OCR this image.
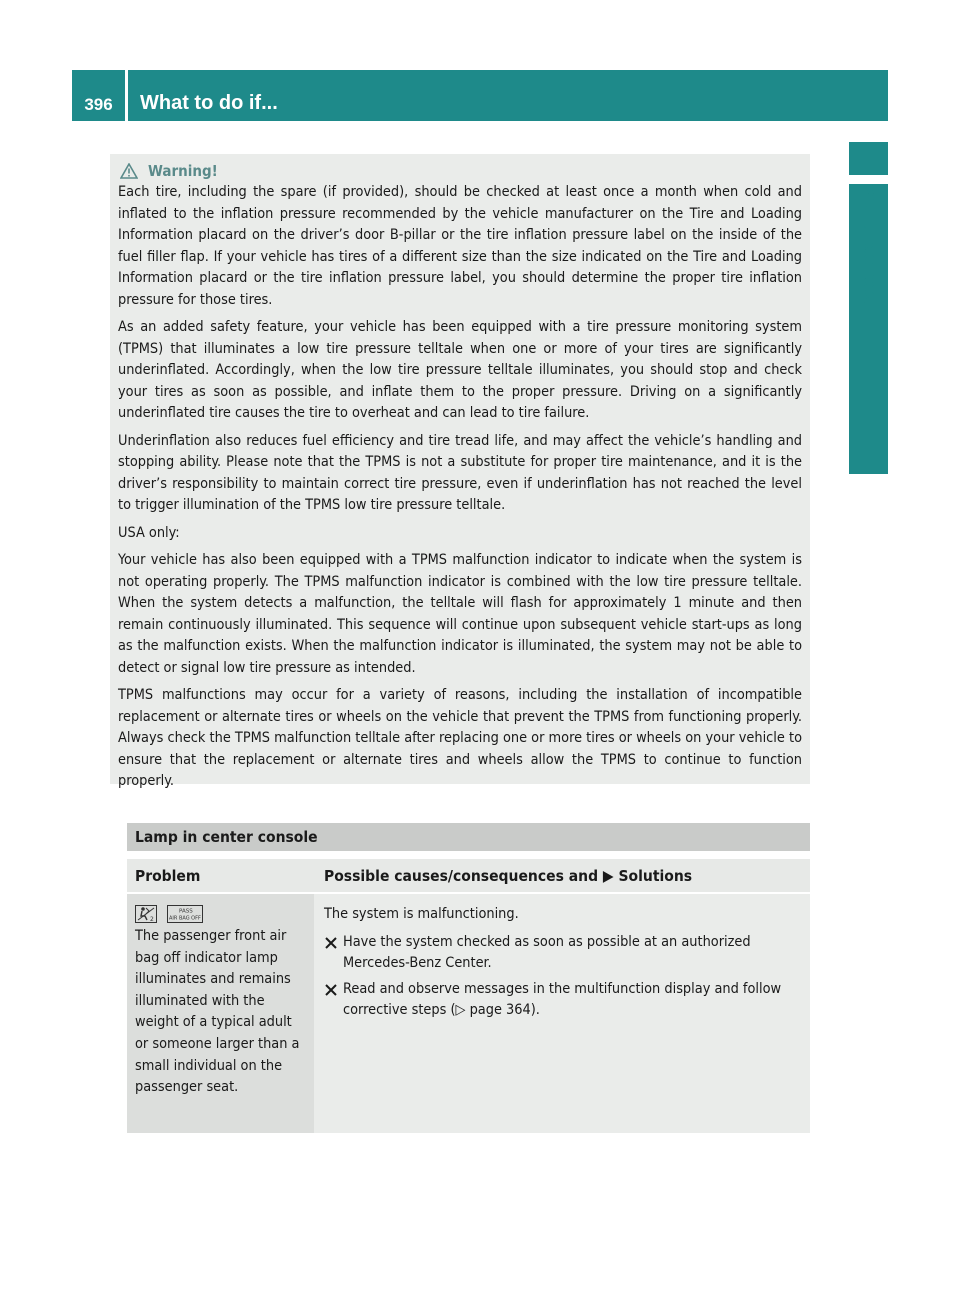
396	What to do if...
Practical hints
Warning!

Each tire, including the spare (if provided), should be checked at least once a month when cold and inflated to the inflation pressure recommended by the vehicle manufacturer on the Tire and Loading Information placard on the driver’s door B-pillar or the tire inflation pressure label on the inside of the fuel filler flap. If your vehicle has tires of a different size than the size indicated on the Tire and Loading Information placard or the tire inflation pressure label, you should determine the proper tire inflation pressure for those tires.

As an added safety feature, your vehicle has been equipped with a tire pressure monitoring system (TPMS) that illuminates a low tire pressure telltale when one or more of your tires are significantly underinflated. Accordingly, when the low tire pressure telltale illuminates, you should stop and check your tires as soon as possible, and inflate them to the proper pressure. Driving on a significantly underinflated tire causes the tire to overheat and can lead to tire failure.

Underinflation also reduces fuel efficiency and tire tread life, and may affect the vehicle’s handling and stopping ability. Please note that the TPMS is not a substitute for proper tire maintenance, and it is the driver’s responsibility to maintain correct tire pressure, even if underinflation has not reached the level to trigger illumination of the TPMS low tire pressure telltale.

USA only:

Your vehicle has also been equipped with a TPMS malfunction indicator to indicate when the system is not operating properly. The TPMS malfunction indicator is combined with the low tire pressure telltale. When the system detects a malfunction, the telltale will flash for approximately 1 minute and then remain continuously illuminated. This sequence will continue upon subsequent vehicle start-ups as long as the malfunction exists. When the malfunction indicator is illuminated, the system may not be able to detect or signal low tire pressure as intended.

TPMS malfunctions may occur for a variety of reasons, including the installation of incompatible replacement or alternate tires or wheels on the vehicle that prevent the TPMS from functioning properly. Always check the TPMS malfunction telltale after replacing one or more tires or wheels on your vehicle to ensure that the replacement or alternate tires and wheels allow the TPMS to continue to function properly.

Lamp in center console
Problem	Possible causes/consequences and ▶ Solutions
2
PASS
AIR BAG OFF
The passenger front air bag off indicator lamp illuminates and remains illuminated with the weight of a typical adult or someone larger than a small individual on the passenger seat.

The system is malfunctioning.

Have the system checked as soon as possible at an authorized Mercedes-Benz Center.
Read and observe messages in the multifunction display and follow corrective steps (▷ page 364).
